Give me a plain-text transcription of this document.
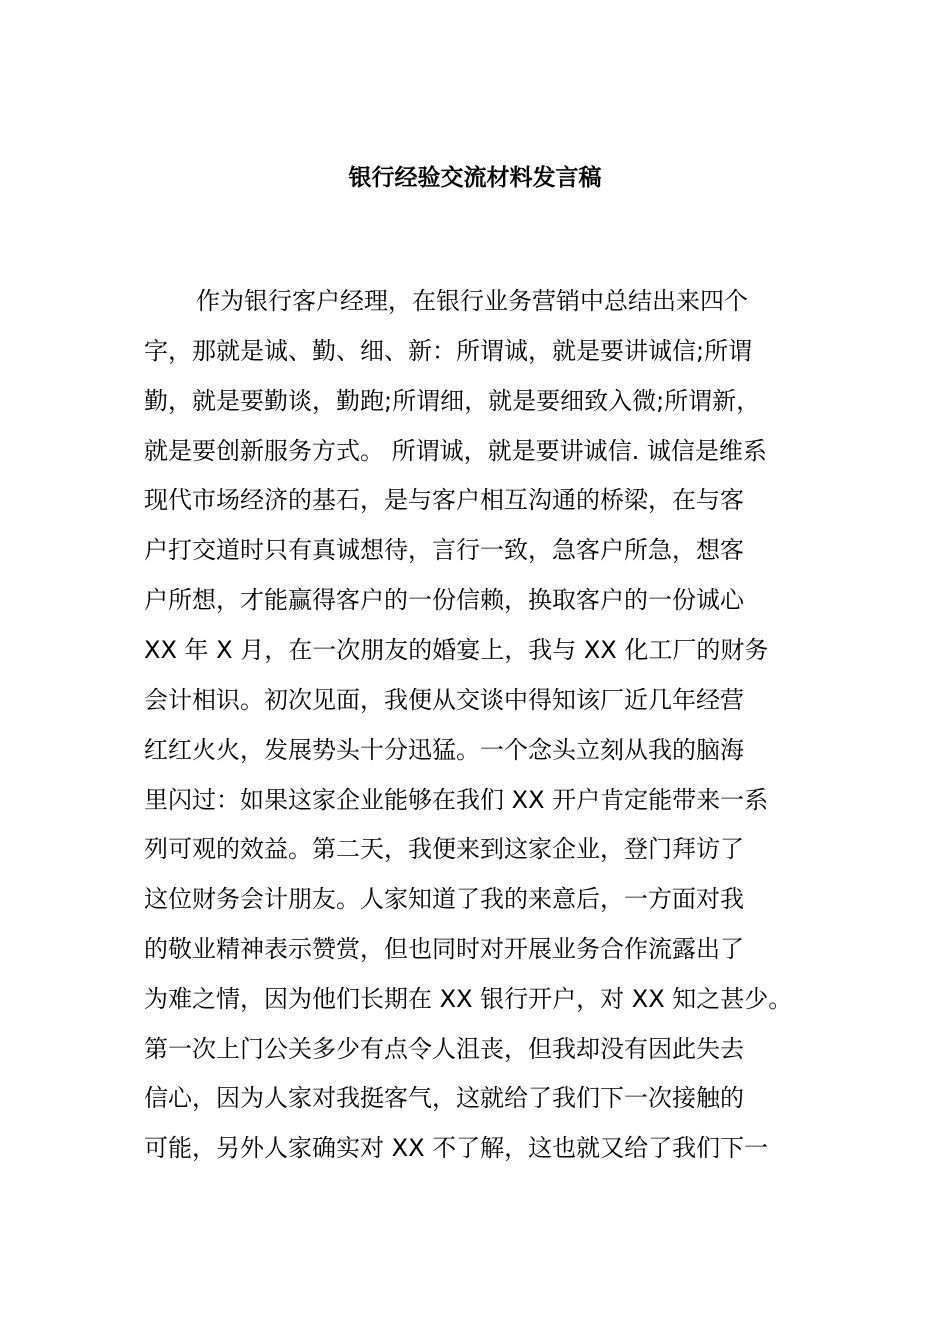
银行经验交流材料发言稿
作为银行客户经理，在银行业务营销中总结出来四个
字，那就是诚、勤、细、新：所谓诚，就是要讲诚信;所谓
勤，就是要勤谈，勤跑;所谓细，就是要细致入微;所谓新，
就是要创新服务方式。 所谓诚，就是要讲诚信. 诚信是维系
现代市场经济的基石，是与客户相互沟通的桥梁，在与客
户打交道时只有真诚想待，言行一致，急客户所急，想客
户所想，才能赢得客户的一份信赖，换取客户的一份诚心
XX 年 X 月，在一次朋友的婚宴上，我与 XX 化工厂的财务
会计相识。初次见面，我便从交谈中得知该厂近几年经营
红红火火，发展势头十分迅猛。一个念头立刻从我的脑海
里闪过：如果这家企业能够在我们 XX 开户肯定能带来一系
列可观的效益。第二天，我便来到这家企业，登门拜访了
这位财务会计朋友。人家知道了我的来意后，一方面对我
的敬业精神表示赞赏，但也同时对开展业务合作流露出了
为难之情，因为他们长期在 XX 银行开户，对 XX 知之甚少。
第一次上门公关多少有点令人沮丧，但我却没有因此失去
信心，因为人家对我挺客气，这就给了我们下一次接触的
可能，另外人家确实对 XX 不了解，这也就又给了我们下一
